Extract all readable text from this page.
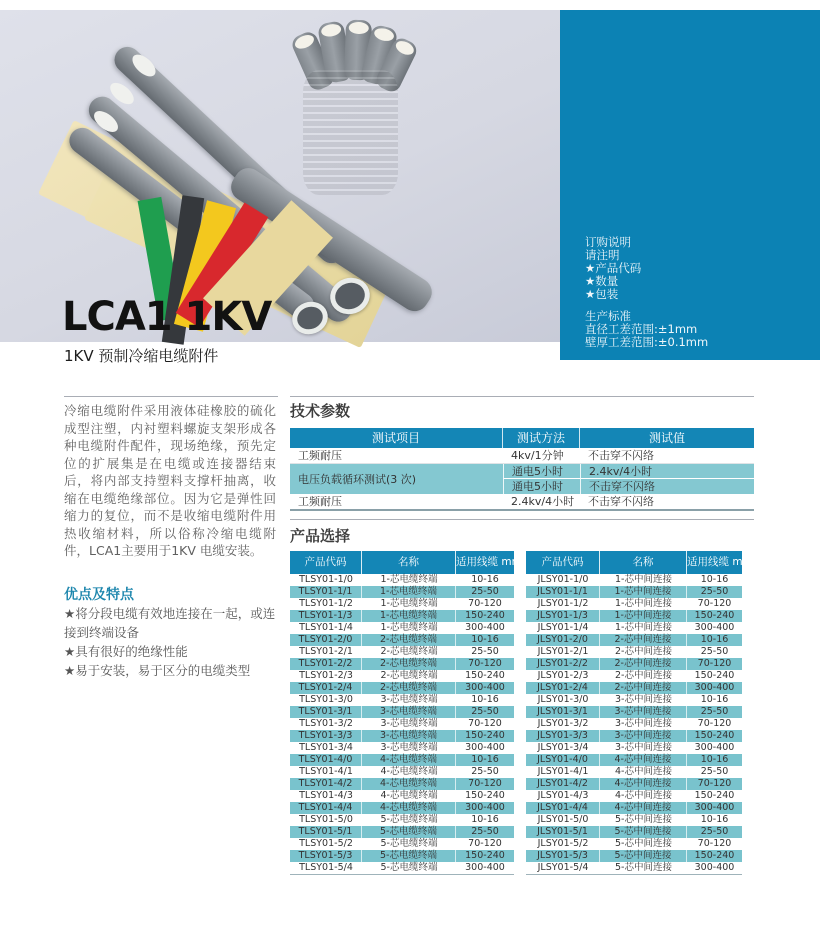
订购说明
请注明
★产品代码
★数量
★包装
生产标准
直径工差范围:±1mm
壁厚工差范围:±0.1mm
LCA1 1KV
1KV 预制冷缩电缆附件
冷缩电缆附件采用液体硅橡胶的硫化成型注塑，内衬塑料螺旋支架形成各种电缆附件配件，现场绝缘，预先定位的扩展集是在电缆或连接器结束后，将内部支持塑料支撑杆抽离，收缩在电缆绝缘部位。因为它是弹性回缩力的复位，而不是收缩电缆附件用热收缩材料，所以俗称冷缩电缆附件，LCA1主要用于1KV 电缆安装。
优点及特点
★将分段电缆有效地连接在一起，或连接到终端设备
★具有很好的绝缘性能
★易于安装，易于区分的电缆类型
技术参数
测试项目	测试方法	测试值
工频耐压	4kv/1分钟	不击穿不闪络
电压负载循环测试(3 次)
通电5小时	2.4kv/4小时
通电5小时	不击穿不闪络
工频耐压	2.4kv/4小时	不击穿不闪络
产品选择
产品代码	名称	适用线缆 mm²
TLSY01-1/0	1-芯电缆终端	10-16
TLSY01-1/1	1-芯电缆终端	25-50
TLSY01-1/2	1-芯电缆终端	70-120
TLSY01-1/3	1-芯电缆终端	150-240
TLSY01-1/4	1-芯电缆终端	300-400
TLSY01-2/0	2-芯电缆终端	10-16
TLSY01-2/1	2-芯电缆终端	25-50
TLSY01-2/2	2-芯电缆终端	70-120
TLSY01-2/3	2-芯电缆终端	150-240
TLSY01-2/4	2-芯电缆终端	300-400
TLSY01-3/0	3-芯电缆终端	10-16
TLSY01-3/1	3-芯电缆终端	25-50
TLSY01-3/2	3-芯电缆终端	70-120
TLSY01-3/3	3-芯电缆终端	150-240
TLSY01-3/4	3-芯电缆终端	300-400
TLSY01-4/0	4-芯电缆终端	10-16
TLSY01-4/1	4-芯电缆终端	25-50
TLSY01-4/2	4-芯电缆终端	70-120
TLSY01-4/3	4-芯电缆终端	150-240
TLSY01-4/4	4-芯电缆终端	300-400
TLSY01-5/0	5-芯电缆终端	10-16
TLSY01-5/1	5-芯电缆终端	25-50
TLSY01-5/2	5-芯电缆终端	70-120
TLSY01-5/3	5-芯电缆终端	150-240
TLSY01-5/4	5-芯电缆终端	300-400
产品代码	名称	适用线缆 mm²
JLSY01-1/0	1-芯中间连接	10-16
JLSY01-1/1	1-芯中间连接	25-50
JLSY01-1/2	1-芯中间连接	70-120
JLSY01-1/3	1-芯中间连接	150-240
JLSY01-1/4	1-芯中间连接	300-400
JLSY01-2/0	2-芯中间连接	10-16
JLSY01-2/1	2-芯中间连接	25-50
JLSY01-2/2	2-芯中间连接	70-120
JLSY01-2/3	2-芯中间连接	150-240
JLSY01-2/4	2-芯中间连接	300-400
JLSY01-3/0	3-芯中间连接	10-16
JLSY01-3/1	3-芯中间连接	25-50
JLSY01-3/2	3-芯中间连接	70-120
JLSY01-3/3	3-芯中间连接	150-240
JLSY01-3/4	3-芯中间连接	300-400
JLSY01-4/0	4-芯中间连接	10-16
JLSY01-4/1	4-芯中间连接	25-50
JLSY01-4/2	4-芯中间连接	70-120
JLSY01-4/3	4-芯中间连接	150-240
JLSY01-4/4	4-芯中间连接	300-400
JLSY01-5/0	5-芯中间连接	10-16
JLSY01-5/1	5-芯中间连接	25-50
JLSY01-5/2	5-芯中间连接	70-120
JLSY01-5/3	5-芯中间连接	150-240
JLSY01-5/4	5-芯中间连接	300-400
